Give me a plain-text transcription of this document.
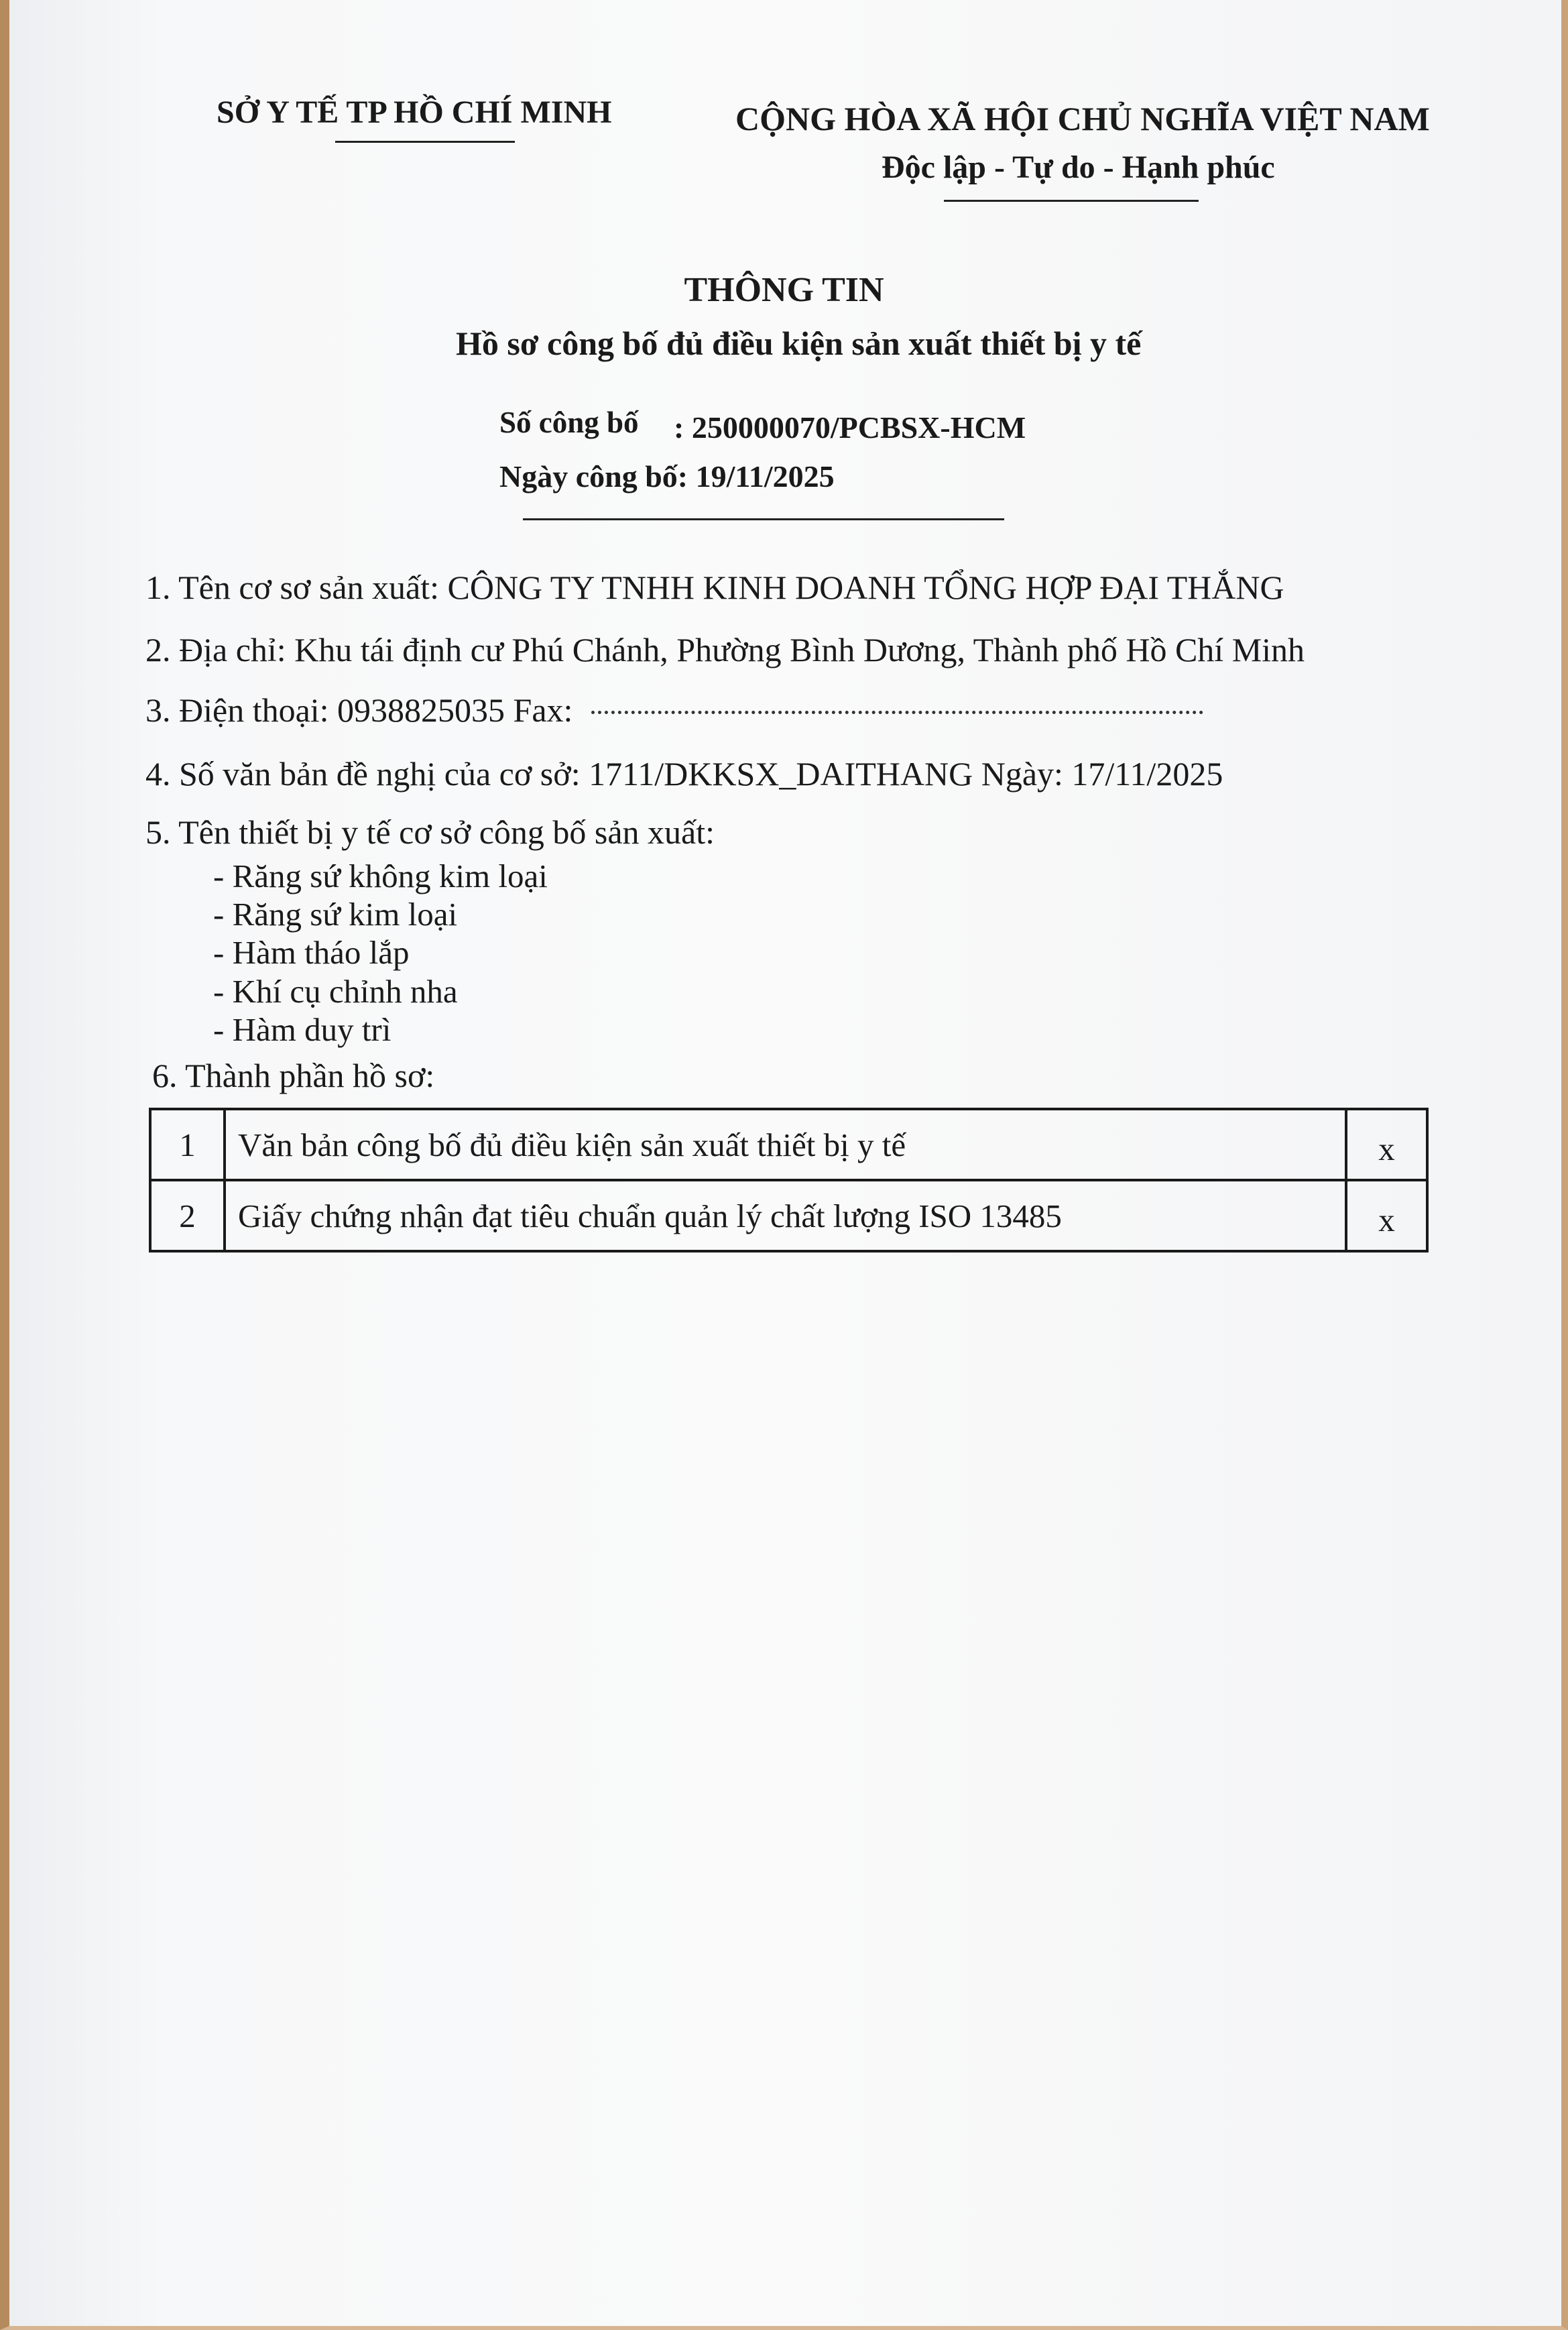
SỞ Y TẾ TP HỒ CHÍ MINH	CỘNG HÒA XÃ HỘI CHỦ NGHĨA VIỆT NAM
Độc lập - Tự do - Hạnh phúc
THÔNG TIN
Hồ sơ công bố đủ điều kiện sản xuất thiết bị y tế
Số công bố : 250000070/PCBSX-HCM
Ngày công bố: 19/11/2025
1. Tên cơ sơ sản xuất: CÔNG TY TNHH KINH DOANH TỔNG HỢP ĐẠI THẮNG
2. Địa chỉ: Khu tái định cư Phú Chánh, Phường Bình Dương, Thành phố Hồ Chí Minh
3. Điện thoại: 0938825035 Fax:
4. Số văn bản đề nghị của cơ sở: 1711/DKKSX_DAITHANG Ngày: 17/11/2025
5. Tên thiết bị y tế cơ sở công bố sản xuất:
- Răng sứ không kim loại
- Răng sứ kim loại
- Hàm tháo lắp
- Khí cụ chỉnh nha
- Hàm duy trì
6. Thành phần hồ sơ:
1	Văn bản công bố đủ điều kiện sản xuất thiết bị y tế	x
2	Giấy chứng nhận đạt tiêu chuẩn quản lý chất lượng ISO 13485	x
